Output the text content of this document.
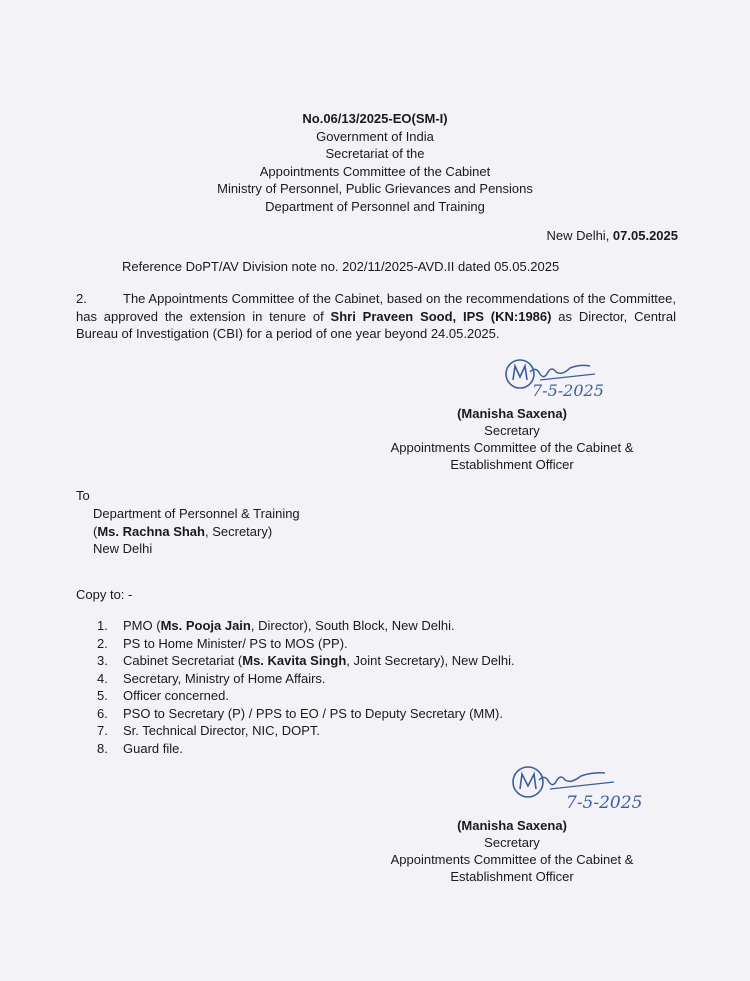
No.06/13/2025-EO(SM-I)
Government of India
Secretariat of the
Appointments Committee of the Cabinet
Ministry of Personnel, Public Grievances and Pensions
Department of Personnel and Training
New Delhi, 07.05.2025
Reference DoPT/AV Division note no. 202/11/2025-AVD.II dated 05.05.2025
2.	The Appointments Committee of the Cabinet, based on the recommendations of the Committee, has approved the extension in tenure of Shri Praveen Sood, IPS (KN:1986) as Director, Central Bureau of Investigation (CBI) for a period of one year beyond 24.05.2025.
7-5-2025
(Manisha Saxena)
Secretary
Appointments Committee of the Cabinet &
Establishment Officer
To
Department of Personnel & Training
(Ms. Rachna Shah, Secretary)
New Delhi
Copy to: -
1. PMO (Ms. Pooja Jain, Director), South Block, New Delhi.
2. PS to Home Minister/ PS to MOS (PP).
3. Cabinet Secretariat (Ms. Kavita Singh, Joint Secretary), New Delhi.
4. Secretary, Ministry of Home Affairs.
5. Officer concerned.
6. PSO to Secretary (P) / PPS to EO / PS to Deputy Secretary (MM).
7. Sr. Technical Director, NIC, DOPT.
8. Guard file.
7-5-2025
(Manisha Saxena)
Secretary
Appointments Committee of the Cabinet &
Establishment Officer
